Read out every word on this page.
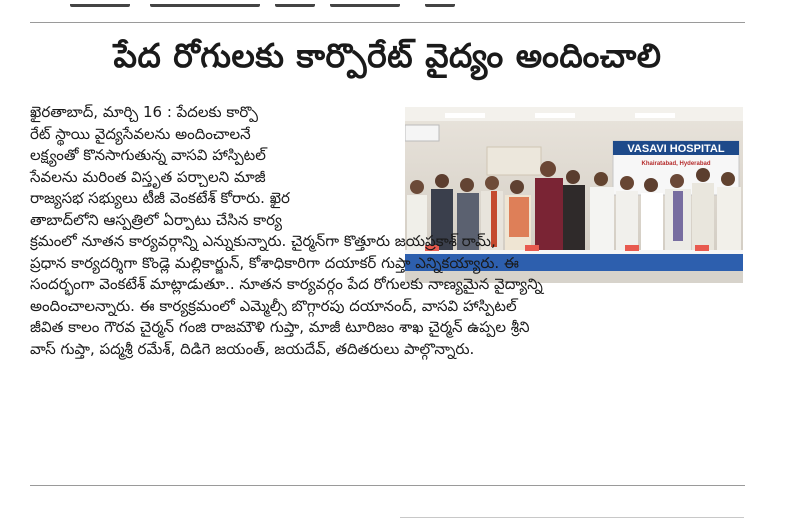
పేద రోగులకు కార్పొరేట్ వైద్యం అందించాలి
VASAVI HOSPITAL
Khairatabad, Hyderabad
ఖైరతాబాద్, మార్చి 16 : పేదలకు కార్పొ
రేట్ స్థాయి వైద్యసేవలను అందించాలనే
లక్ష్యంతో కొనసాగుతున్న వాసవి హాస్పిటల్
సేవలను మరింత విస్తృత పర్చాలని మాజీ
రాజ్యసభ సభ్యులు టీజీ వెంకటేశ్ కోరారు. ఖైర
తాబాద్‌లోని ఆస్పత్రిలో ఏర్పాటు చేసిన కార్య
క్రమంలో నూతన కార్యవర్గాన్ని ఎన్నుకున్నారు. చైర్మన్‌గా కొత్తూరు జయప్రకాశ్ రామ్,
ప్రధాన కార్యదర్శిగా కొండ్లె మల్లికార్జున్, కోశాధికారిగా దయాకర్ గుప్తా ఎన్నికయ్యారు. ఈ
సందర్భంగా వెంకటేశ్ మాట్లాడుతూ.. నూతన కార్యవర్గం పేద రోగులకు నాణ్యమైన వైద్యాన్ని
అందించాలన్నారు. ఈ కార్యక్రమంలో ఎమ్మెల్సీ బొగ్గారపు దయానంద్, వాసవి హాస్పిటల్
జీవిత కాలం గౌరవ చైర్మన్ గంజి రాజమౌళి గుప్తా, మాజీ టూరిజం శాఖ చైర్మన్ ఉప్పల శ్రీని
వాస్ గుప్తా, పద్మశ్రీ రమేశ్, దిడిగె జయంత్, జయదేవ్, తదితరులు పాల్గొన్నారు.
